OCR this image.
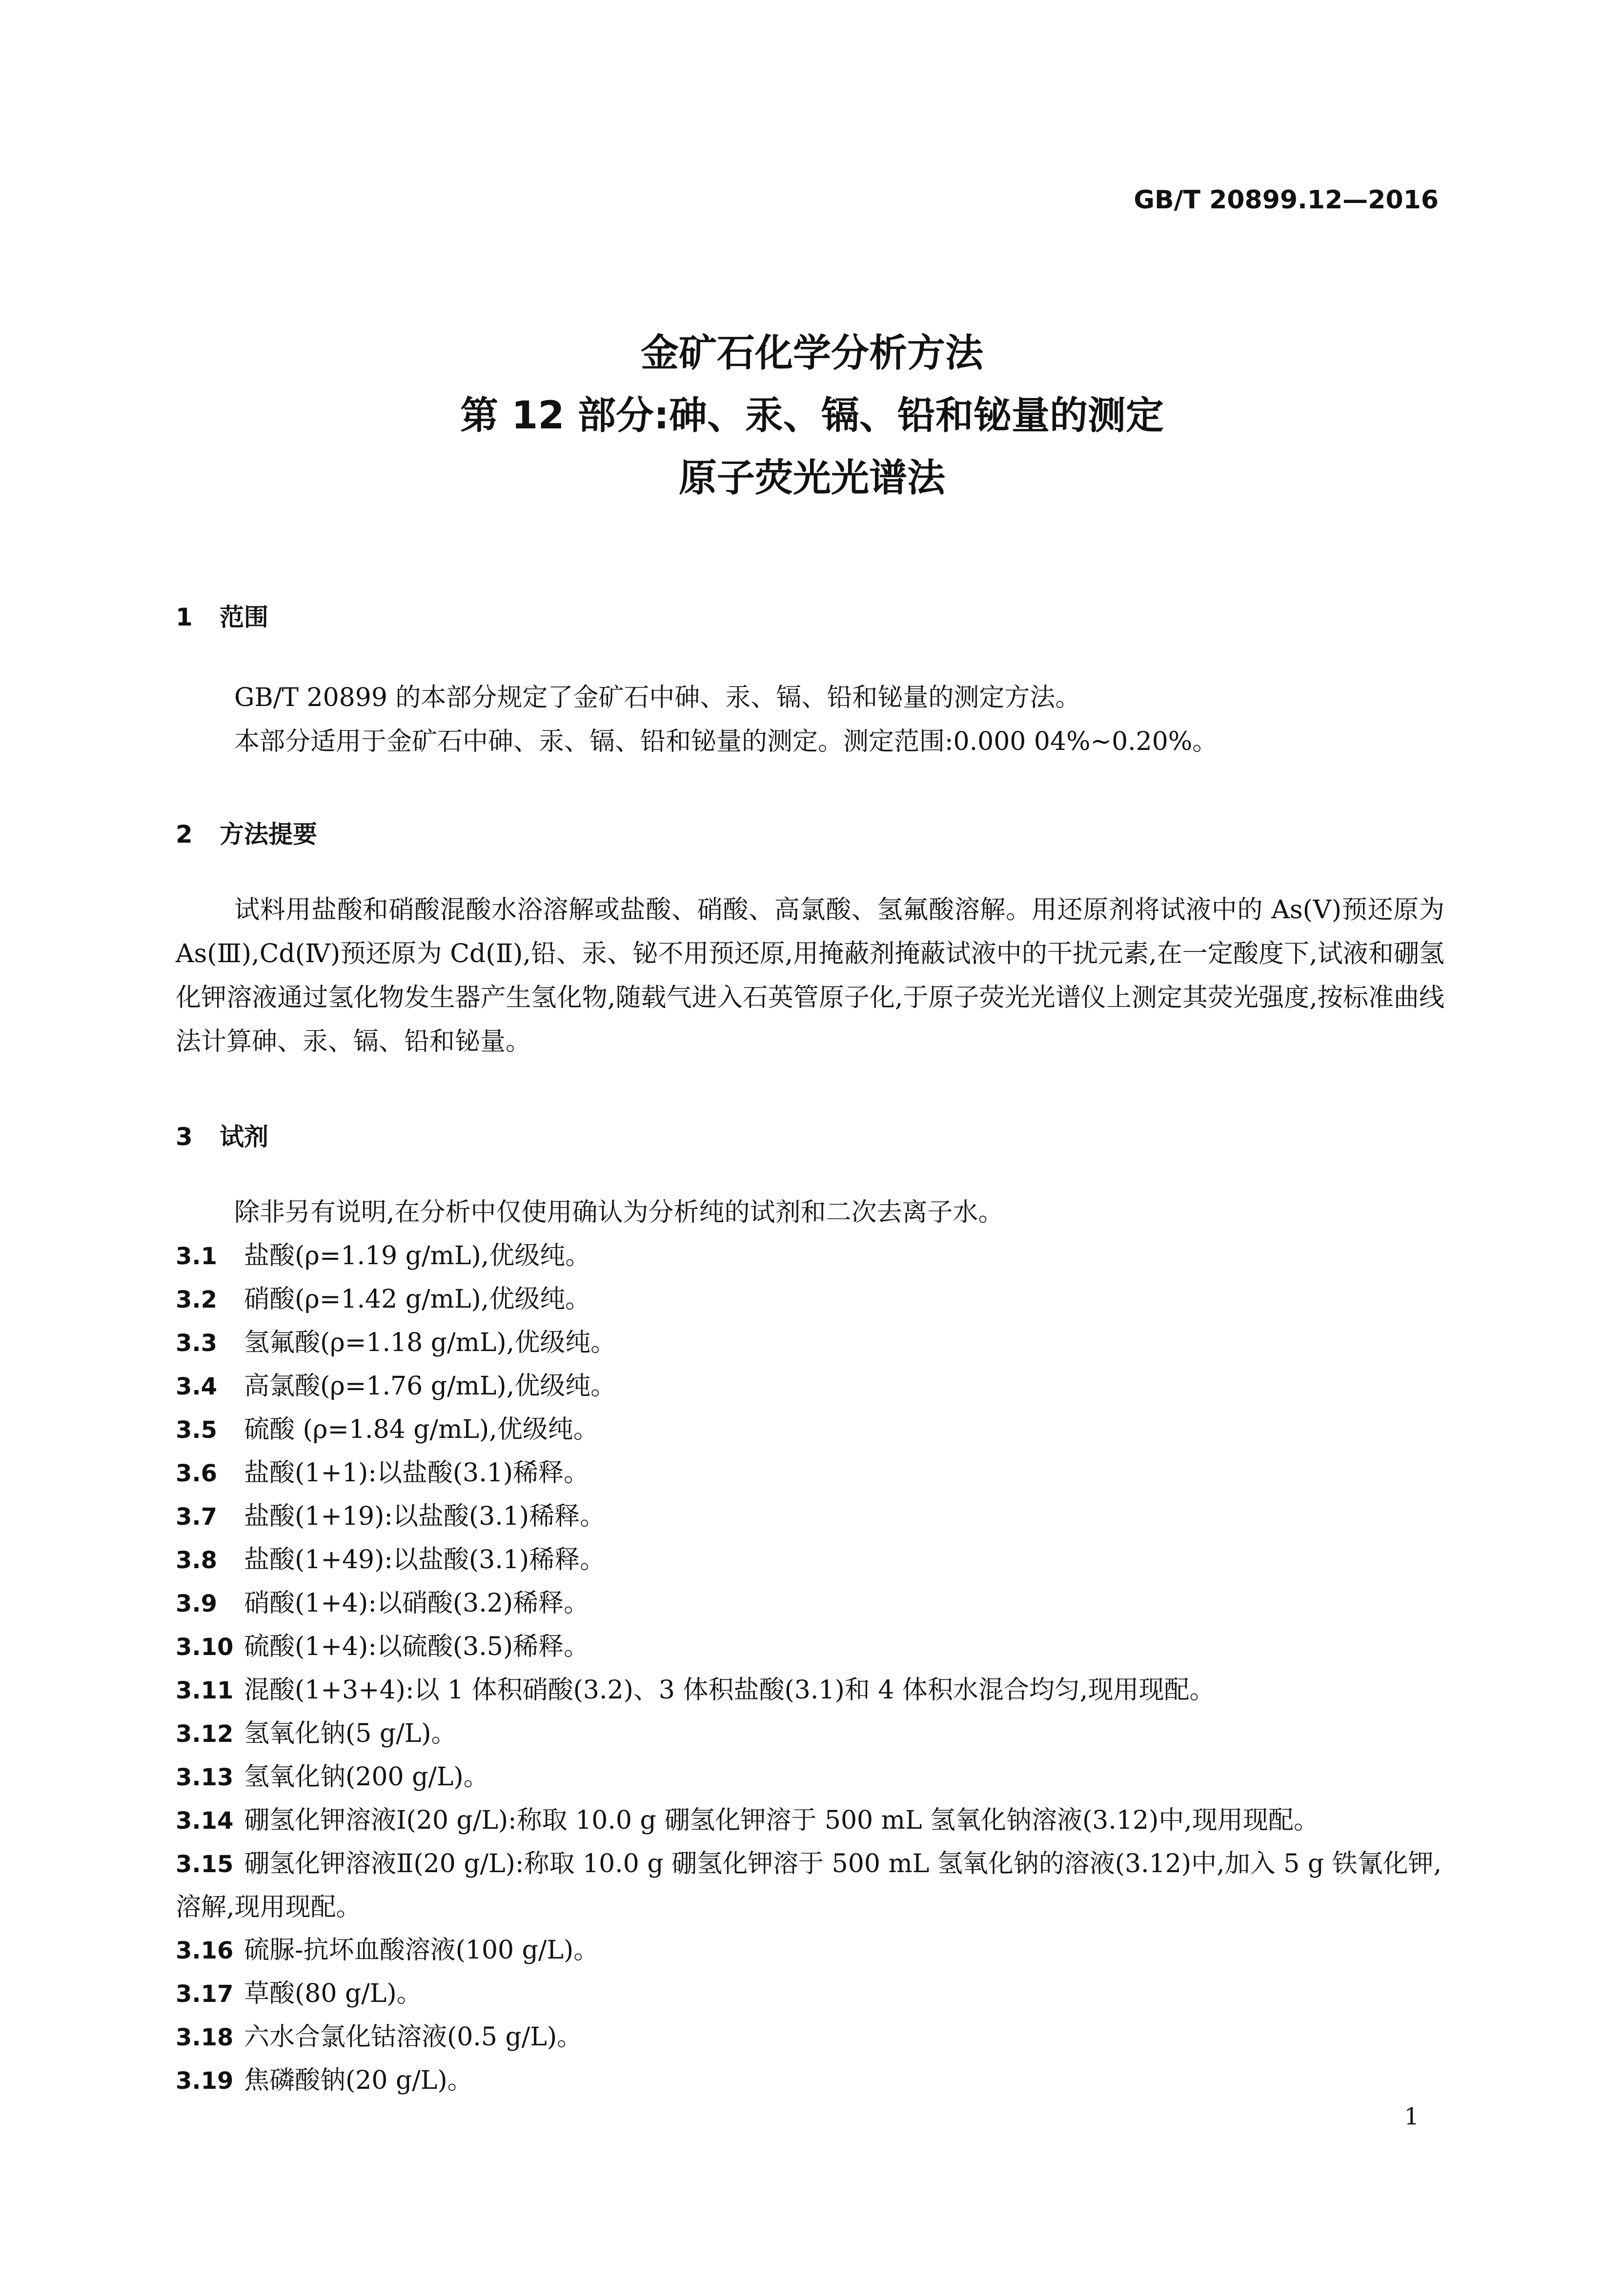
GB/T 20899.12—2016
金矿石化学分析方法
第 12 部分:砷、汞、镉、铅和铋量的测定
原子荧光光谱法
1 范围
GB/T 20899 的本部分规定了金矿石中砷、汞、镉、铅和铋量的测定方法。
本部分适用于金矿石中砷、汞、镉、铅和铋量的测定。测定范围:0.000 04%~0.20%。
2 方法提要
试料用盐酸和硝酸混酸水浴溶解或盐酸、硝酸、高氯酸、氢氟酸溶解。用还原剂将试液中的 As(Ⅴ)预还原为 As(Ⅲ),Cd(Ⅳ)预还原为 Cd(Ⅱ),铅、汞、铋不用预还原,用掩蔽剂掩蔽试液中的干扰元素,在一定酸度下,试液和硼氢化钾溶液通过氢化物发生器产生氢化物,随载气进入石英管原子化,于原子荧光光谱仪上测定其荧光强度,按标准曲线法计算砷、汞、镉、铅和铋量。
3 试剂
除非另有说明,在分析中仅使用确认为分析纯的试剂和二次去离子水。
3.1 盐酸(ρ=1.19 g/mL),优级纯。
3.2 硝酸(ρ=1.42 g/mL),优级纯。
3.3 氢氟酸(ρ=1.18 g/mL),优级纯。
3.4 高氯酸(ρ=1.76 g/mL),优级纯。
3.5 硫酸 (ρ=1.84 g/mL),优级纯。
3.6 盐酸(1+1):以盐酸(3.1)稀释。
3.7 盐酸(1+19):以盐酸(3.1)稀释。
3.8 盐酸(1+49):以盐酸(3.1)稀释。
3.9 硝酸(1+4):以硝酸(3.2)稀释。
3.10 硫酸(1+4):以硫酸(3.5)稀释。
3.11 混酸(1+3+4):以 1 体积硝酸(3.2)、3 体积盐酸(3.1)和 4 体积水混合均匀,现用现配。
3.12 氢氧化钠(5 g/L)。
3.13 氢氧化钠(200 g/L)。
3.14 硼氢化钾溶液Ⅰ(20 g/L):称取 10.0 g 硼氢化钾溶于 500 mL 氢氧化钠溶液(3.12)中,现用现配。
3.15 硼氢化钾溶液Ⅱ(20 g/L):称取 10.0 g 硼氢化钾溶于 500 mL 氢氧化钠的溶液(3.12)中,加入 5 g 铁氰化钾,溶解,现用现配。
3.16 硫脲-抗坏血酸溶液(100 g/L)。
3.17 草酸(80 g/L)。
3.18 六水合氯化钴溶液(0.5 g/L)。
3.19 焦磷酸钠(20 g/L)。
1
